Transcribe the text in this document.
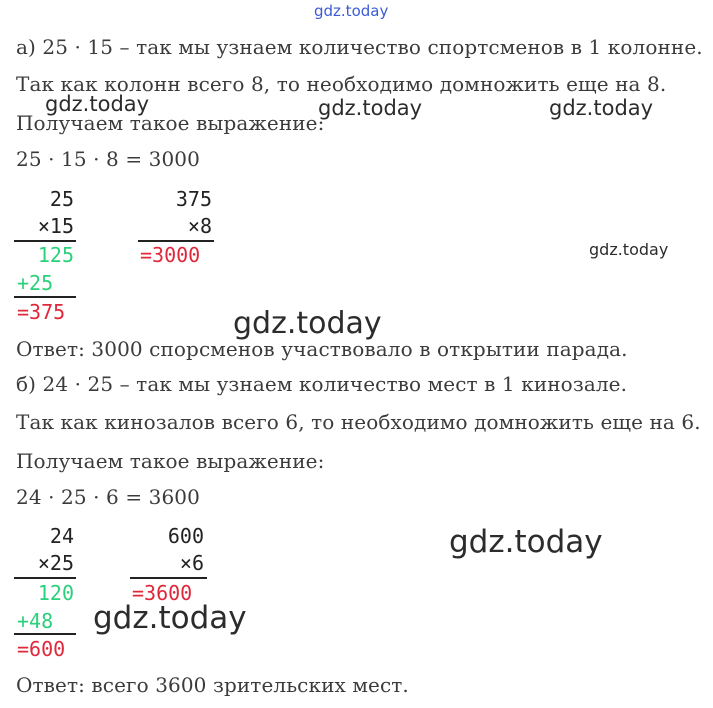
gdz.today
gdz.today	gdz.today	gdz.today
gdz.today
gdz.today
gdz.today
gdz.today
а) 25 · 15 – так мы узнаем количество спортсменов в 1 колонне.
Так как колонн всего 8, то необходимо домножить еще на 8.
Получаем такое выражение:
25 · 15 · 8 = 3000
25
×15
125
+25
=375
375
×8
=3000
Ответ: 3000 спорсменов участвовало в открытии парада.
б) 24 · 25 – так мы узнаем количество мест в 1 кинозале.
Так как кинозалов всего 6, то необходимо домножить еще на 6.
Получаем такое выражение:
24 · 25 · 6 = 3600
24
×25
120
+48
=600
600
×6
=3600
Ответ: всего 3600 зрительских мест.
